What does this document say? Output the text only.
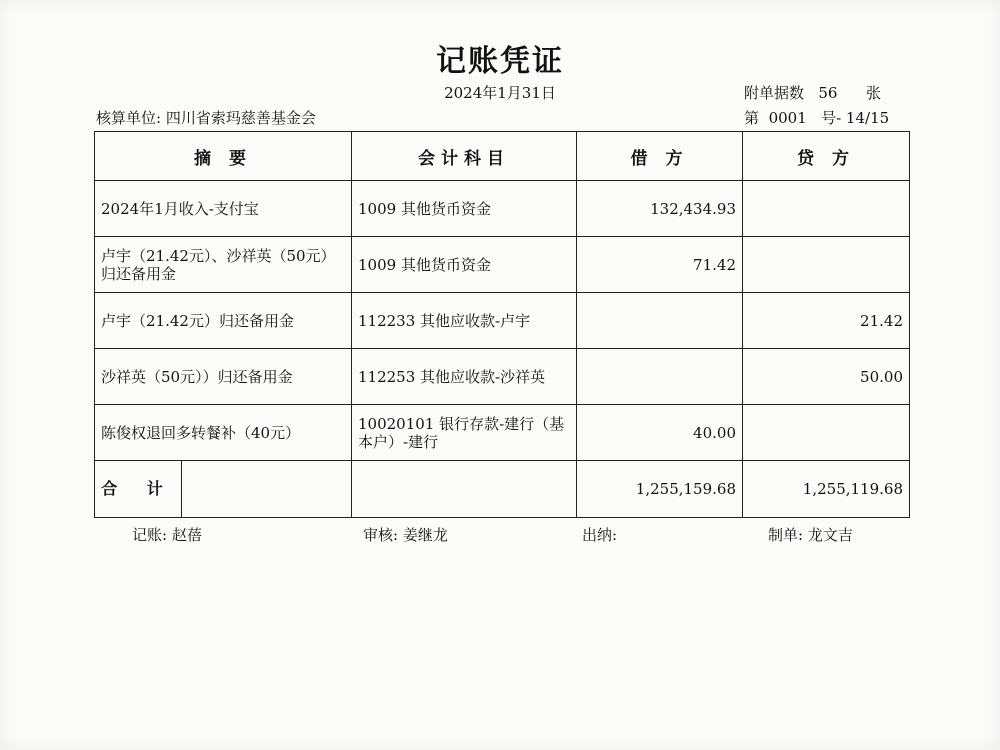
记账凭证
2024年1月31日	附单据数 56 张
核算单位: 四川省索玛慈善基金会	第 0001 号- 14/15
摘 要	会计科目	借 方	贷 方
2024年1月收入-支付宝	1009 其他货币资金	132,434.93	
卢宇（21.42元）、沙祥英（50元）归还备用金	1009 其他货币资金	71.42	
卢宇（21.42元）归还备用金	112233 其他应收款-卢宇		21.42
沙祥英（50元））归还备用金	112253 其他应收款-沙祥英		50.00
陈俊权退回多转餐补（40元）	10020101 银行存款-建行（基本户）-建行	40.00	

合 计		1,255,159.68	1,255,119.68
记账: 赵蓓	审核: 姜继龙	出纳:	制单: 龙文吉
